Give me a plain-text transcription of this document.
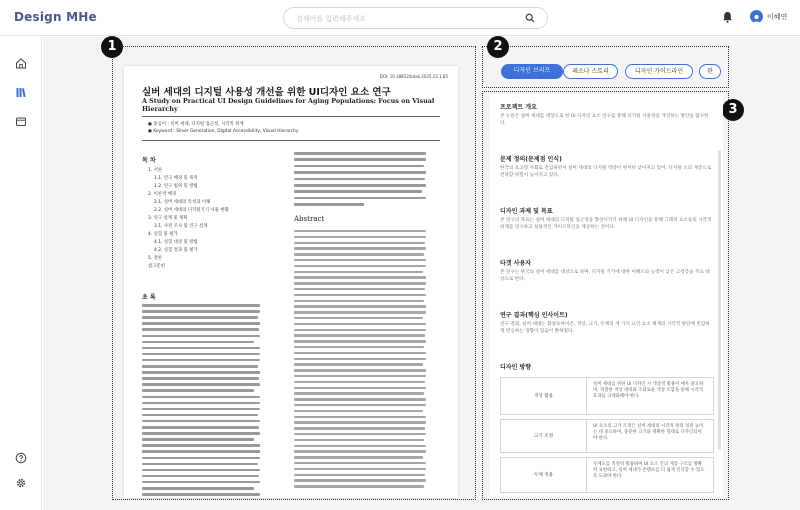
Design MHe
검색어를 입력해주세요	이혜연
1	2
3
DOI: 10.18852/bdak.2025.23.1.85
실버 세대의 디지털 사용성 개선을 위한 UI디자인 요소 연구
A Study on Practical UI Design Guidelines for Aging Populations: Focus on Visual Hierarchy
● 중심어 : 실버 세대, 디지털 접근성, 시각적 위계
● Keyword : Silver Generation, Digital Accessibility, Visual Hierarchy
목 차
1. 서론
1.1. 연구 배경 및 목적
1.2. 연구 범위 및 방법
2. 이론적 배경
2.1. 실버 세대의 특성과 이해
2.2. 실버 세대의 디지털기기 사용 현황
3. 연구 설계 및 계획
3.1. 사전 조사 및 연구 설계
4. 실험 및 평가
4.1. 실험 대상 및 방법
4.2. 실험 결과 및 평가
5. 결론
참고문헌
초 록
Abstract
디자인 브리프	페소나 스토리	디자인 가이드라인	완
프로젝트 개요
본 논문은 실버 세대를 대상으로 한 UI 디자인 요소 연구를 통해 디지털 사용성을 개선하는 방안을 탐구한다.
문제 정의(문제점 인식)
한국의 초고령 사회로 진입하면서 실버 세대의 디지털 역량이 현저히 낮아지고 있어, 디지털 소외 계층으로 전락할 위험이 높아지고 있다.
디자인 과제 및 목표
본 연구의 목표는 실버 세대의 디지털 접근성을 향상시키기 위해 UI 디자인을 통해 그래픽 요소들의 시각적 위계를 연구하고 실용적인 가이드라인을 제공하는 것이다.
타겟 사용자
본 연구는 한국의 실버 세대를 대상으로 하며, 디지털 기기에 대한 이해도와 능력이 낮은 고령층을 주요 대상으로 한다.
연구 결과(핵심 인사이트)
연구 결과, 실버 세대는 화살표아이콘, 색상, 크기, 두께의 세 가지 요인 요소 체계의 시각적 판단에 민감하게 반응하는 경향이 있음이 밝혀졌다.
디자인 방향
색상 활용
실버 세대를 위한 UI 디자인 시 색상적 활용이 매우 중요하며, 적절한 색상 대비와 조화로운 색상 조합을 통해 시각적 효과를 극대화해야 한다.
크기 조정
UI 요소의 크기 조정은 실버 세대의 시각적 판의 성질 높이는 데 중요하며, 충분한 크기와 명확한 형태로 디자인되어야 한다.
두께 적용
두께도를 적절히 활용하여 UI 요소 간의 계층 구조를 명확히 표현하고, 실버 세대가 콘텐츠를 더 쉽게 인식할 수 있도록 도와야 한다.
